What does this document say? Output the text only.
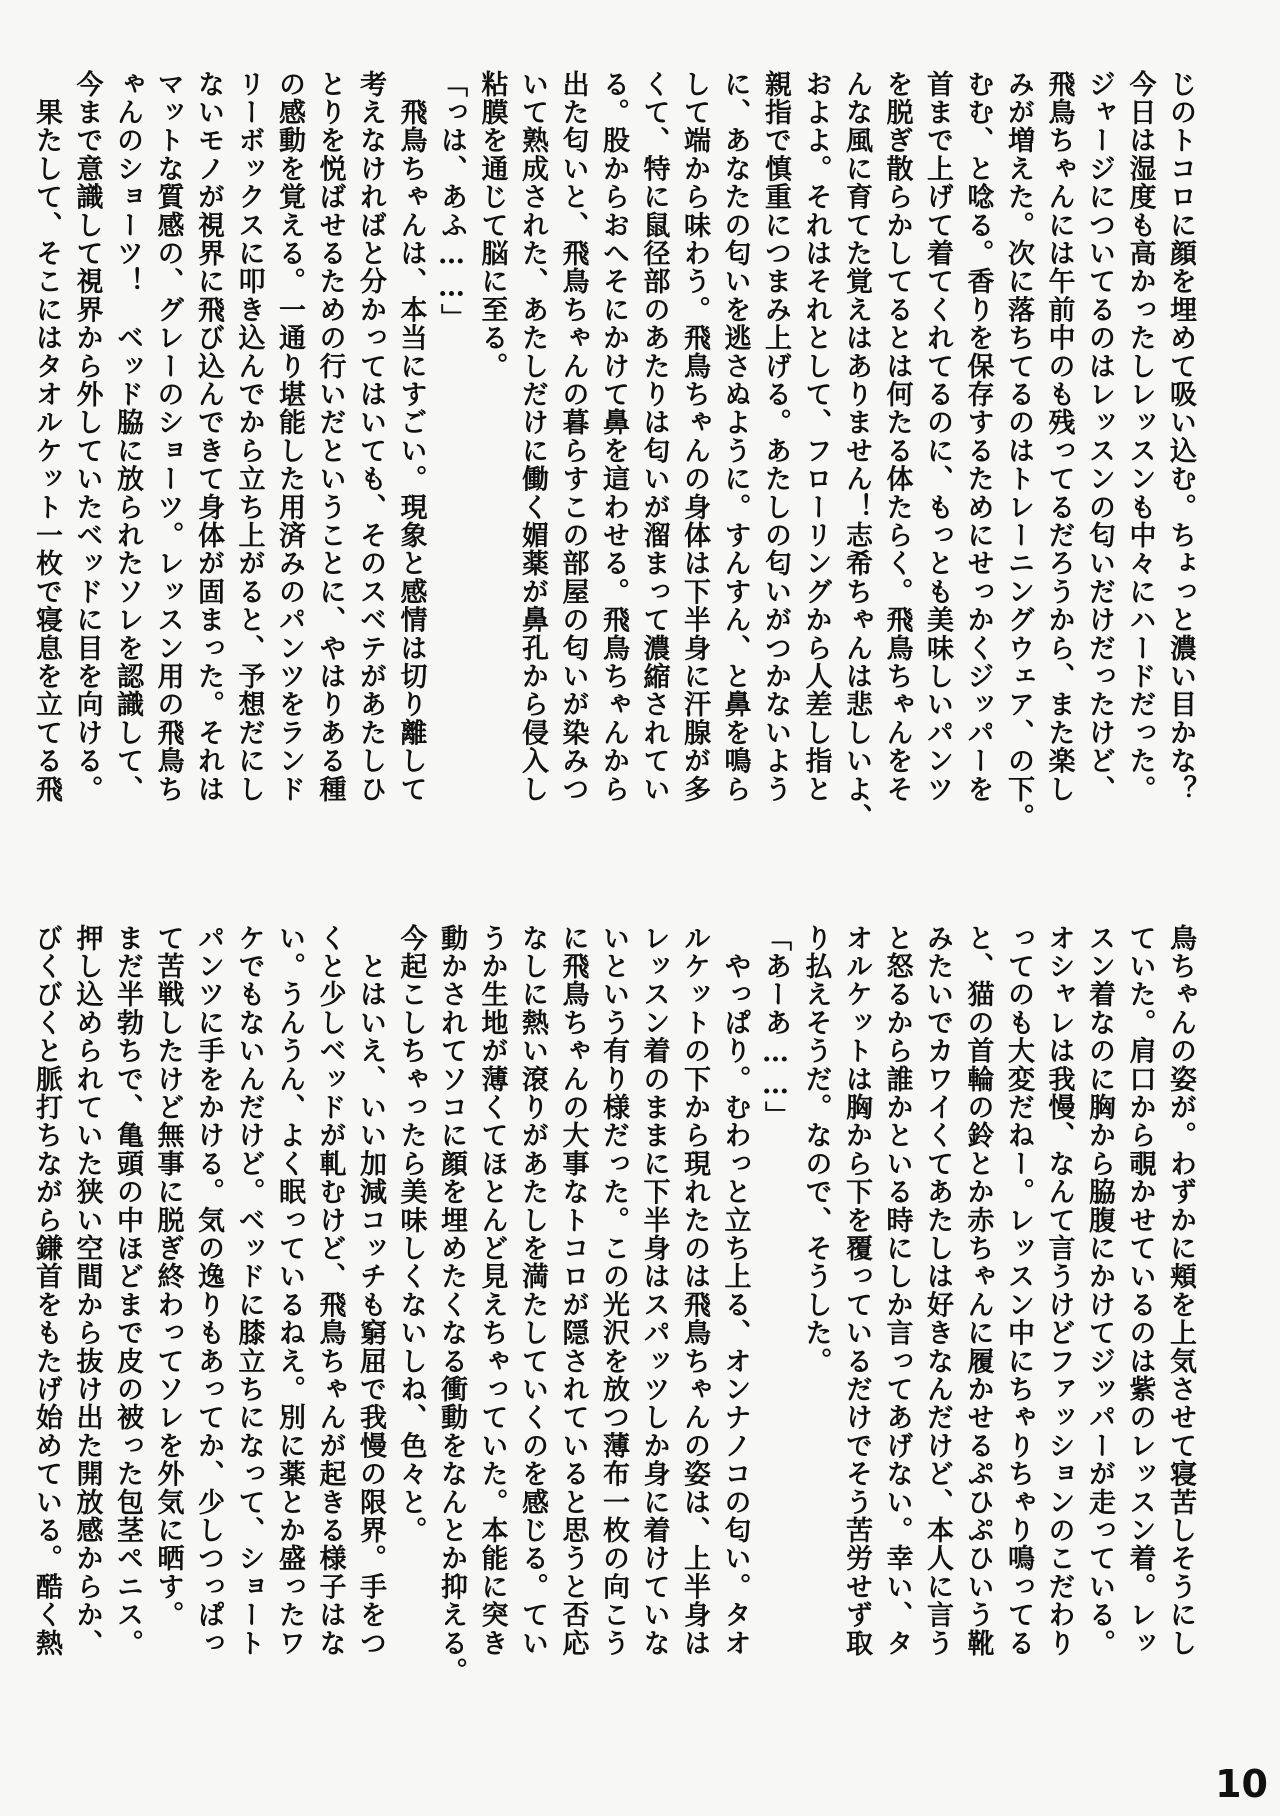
じのトコロに顔を埋めて吸い込む。ちょっと濃い目かな？

今日は湿度も高かったしレッスンも中々にハードだった。

ジャージについてるのはレッスンの匂いだけだったけど、

飛鳥ちゃんには午前中のも残ってるだろうから、また楽し

みが増えた。次に落ちてるのはトレーニングウェア、の下。

むむ、と唸る。香りを保存するためにせっかくジッパーを

首まで上げて着てくれてるのに、もっとも美味しいパンツ

を脱ぎ散らかしてるとは何たる体たらく。飛鳥ちゃんをそ

んな風に育てた覚えはありません！志希ちゃんは悲しいよ、

およよ。それはそれとして、フローリングから人差し指と

親指で慎重につまみ上げる。あたしの匂いがつかないよう

に、あなたの匂いを逃さぬように。すんすん、と鼻を鳴ら

して端から味わう。飛鳥ちゃんの身体は下半身に汗腺が多

くて、特に鼠径部のあたりは匂いが溜まって濃縮されてい

る。股からおへそにかけて鼻を這わせる。飛鳥ちゃんから

出た匂いと、飛鳥ちゃんの暮らすこの部屋の匂いが染みつ

いて熟成された、あたしだけに働く媚薬が鼻孔から侵入し

粘膜を通じて脳に至る。

「っは、あふ……」

　飛鳥ちゃんは、本当にすごい。現象と感情は切り離して

考えなければと分かってはいても、そのスベテがあたしひ

とりを悦ばせるための行いだということに、やはりある種

の感動を覚える。一通り堪能した用済みのパンツをランド

リーボックスに叩き込んでから立ち上がると、予想だにし

ないモノが視界に飛び込んできて身体が固まった。それは

マットな質感の、グレーのショーツ。レッスン用の飛鳥ち

ゃんのショーツ！　ベッド脇に放られたソレを認識して、

今まで意識して視界から外していたベッドに目を向ける。

　果たして、そこにはタオルケット一枚で寝息を立てる飛

鳥ちゃんの姿が。わずかに頬を上気させて寝苦しそうにし

ていた。肩口から覗かせているのは紫のレッスン着。レッ

スン着なのに胸から脇腹にかけてジッパーが走っている。

オシャレは我慢、なんて言うけどファッションのこだわり

ってのも大変だねー。レッスン中にちゃりちゃり鳴ってる

と、猫の首輪の鈴とか赤ちゃんに履かせるぷひぷひいう靴

みたいでカワイくてあたしは好きなんだけど、本人に言う

と怒るから誰かといる時にしか言ってあげない。幸い、タ

オルケットは胸から下を覆っているだけでそう苦労せず取

り払えそうだ。なので、そうした。

「あーあ……」

　やっぱり。むわっと立ち上る、オンナノコの匂い。タオ

ルケットの下から現れたのは飛鳥ちゃんの姿は、上半身は

レッスン着のままに下半身はスパッツしか身に着けていな

いという有り様だった。この光沢を放つ薄布一枚の向こう

に飛鳥ちゃんの大事なトコロが隠されていると思うと否応

なしに熱い滾りがあたしを満たしていくのを感じる。てい

うか生地が薄くてほとんど見えちゃっていた。本能に突き

動かされてソコに顔を埋めたくなる衝動をなんとか抑える。

今起こしちゃったら美味しくないしね、色々と。

　とはいえ、いい加減コッチも窮屈で我慢の限界。手をつ

くと少しベッドが軋むけど、飛鳥ちゃんが起きる様子はな

い。うんうん、よく眠っているねえ。別に薬とか盛ったワ

ケでもないんだけど。ベッドに膝立ちになって、ショート

パンツに手をかける。気の逸りもあってか、少しつっぱっ

て苦戦したけど無事に脱ぎ終わってソレを外気に晒す。

まだ半勃ちで、亀頭の中ほどまで皮の被った包茎ペニス。

押し込められていた狭い空間から抜け出た開放感からか、

びくびくと脈打ちながら鎌首をもたげ始めている。酷く熱

10
